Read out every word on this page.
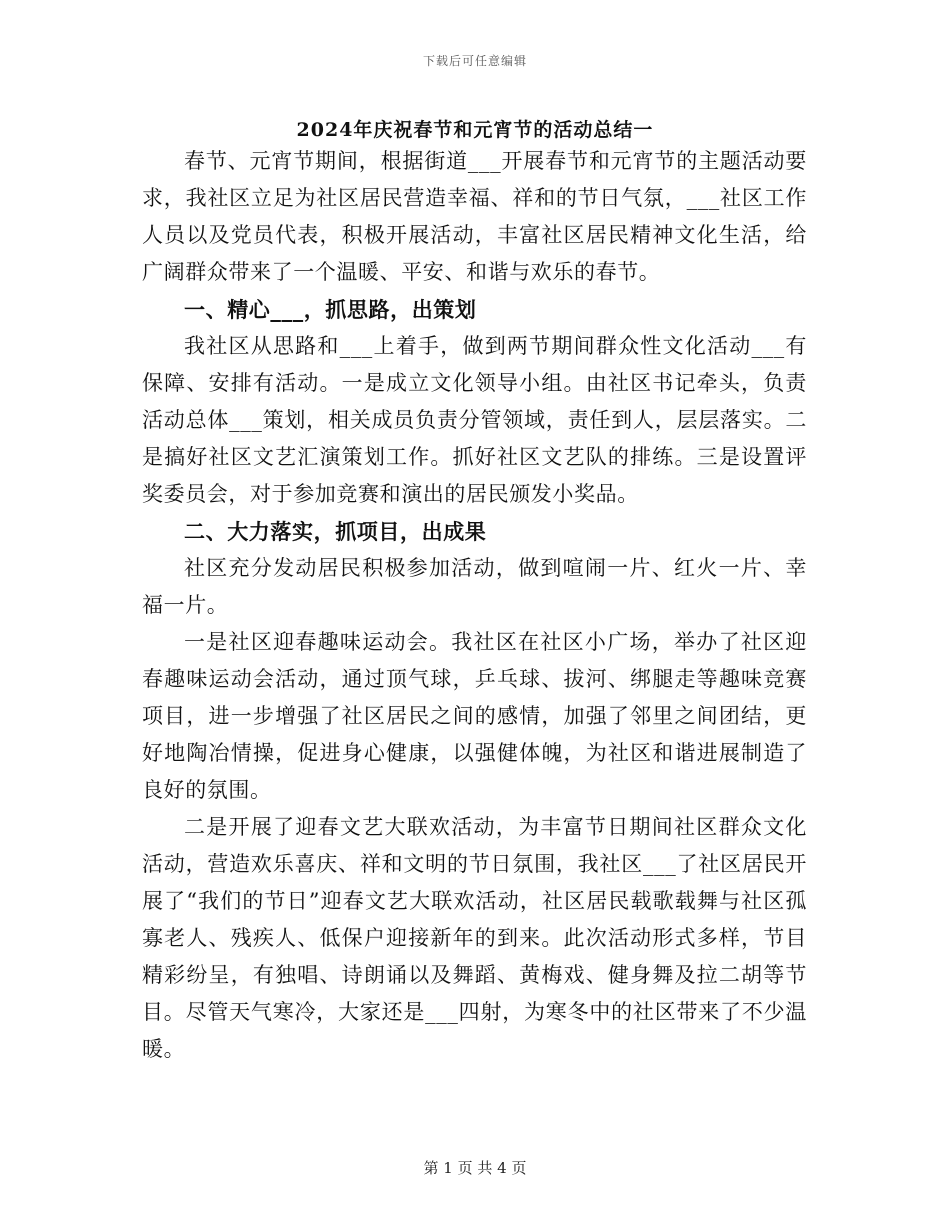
下载后可任意编辑
2024年庆祝春节和元宵节的活动总结一

春节、元宵节期间，根据街道___开展春节和元宵节的主题活动要求，我社区立足为社区居民营造幸福、祥和的节日气氛，___社区工作人员以及党员代表，积极开展活动，丰富社区居民精神文化生活，给广阔群众带来了一个温暖、平安、和谐与欢乐的春节。

一、精心___，抓思路，出策划

我社区从思路和___上着手，做到两节期间群众性文化活动___有保障、安排有活动。一是成立文化领导小组。由社区书记牵头，负责活动总体___策划，相关成员负责分管领域，责任到人，层层落实。二是搞好社区文艺汇演策划工作。抓好社区文艺队的排练。三是设置评奖委员会，对于参加竞赛和演出的居民颁发小奖品。

二、大力落实，抓项目，出成果

社区充分发动居民积极参加活动，做到喧闹一片、红火一片、幸福一片。

一是社区迎春趣味运动会。我社区在社区小广场，举办了社区迎春趣味运动会活动，通过顶气球，乒乓球、拔河、绑腿走等趣味竞赛项目，进一步增强了社区居民之间的感情，加强了邻里之间团结，更好地陶冶情操，促进身心健康，以强健体魄，为社区和谐进展制造了良好的氛围。

二是开展了迎春文艺大联欢活动，为丰富节日期间社区群众文化活动，营造欢乐喜庆、祥和文明的节日氛围，我社区___了社区居民开展了“我们的节日”迎春文艺大联欢活动，社区居民载歌载舞与社区孤寡老人、残疾人、低保户迎接新年的到来。此次活动形式多样，节目精彩纷呈，有独唱、诗朗诵以及舞蹈、黄梅戏、健身舞及拉二胡等节目。尽管天气寒冷，大家还是___四射，为寒冬中的社区带来了不少温暖。

第 1 页 共 4 页
